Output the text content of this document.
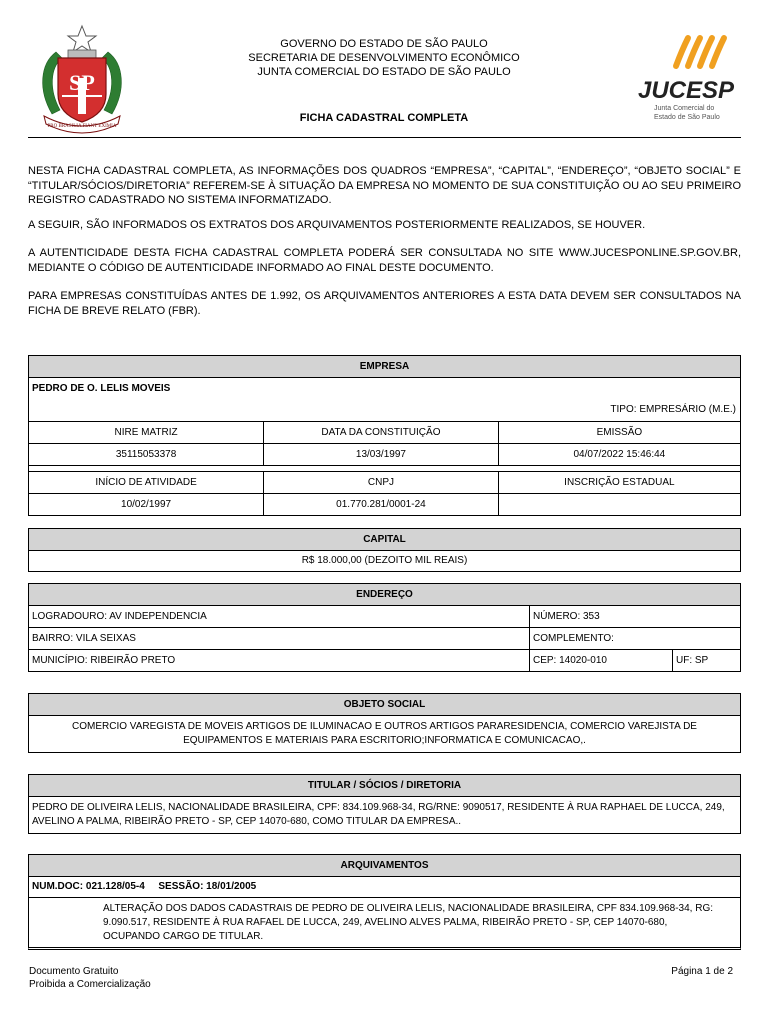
SP
PRO BRASILIA FIANT EXIMIA
GOVERNO DO ESTADO DE SÃO PAULO
SECRETARIA DE DESENVOLVIMENTO ECONÔMICO
JUNTA COMERCIAL DO ESTADO DE SÃO PAULO
FICHA CADASTRAL COMPLETA
JUCESP
Junta Comercial do
Estado de São Paulo

NESTA FICHA CADASTRAL COMPLETA, AS INFORMAÇÕES DOS QUADROS “EMPRESA”, “CAPITAL”, “ENDEREÇO”, “OBJETO SOCIAL” E “TITULAR/SÓCIOS/DIRETORIA” REFEREM-SE À SITUAÇÃO DA EMPRESA NO MOMENTO DE SUA CONSTITUIÇÃO OU AO SEU PRIMEIRO REGISTRO CADASTRADO NO SISTEMA INFORMATIZADO.

A SEGUIR, SÃO INFORMADOS OS EXTRATOS DOS ARQUIVAMENTOS POSTERIORMENTE REALIZADOS, SE HOUVER.

A AUTENTICIDADE DESTA FICHA CADASTRAL COMPLETA PODERÁ SER CONSULTADA NO SITE WWW.JUCESPONLINE.SP.GOV.BR, MEDIANTE O CÓDIGO DE AUTENTICIDADE INFORMADO AO FINAL DESTE DOCUMENTO.

PARA EMPRESAS CONSTITUÍDAS ANTES DE 1.992, OS ARQUIVAMENTOS ANTERIORES A ESTA DATA DEVEM SER CONSULTADOS NA FICHA DE BREVE RELATO (FBR).

EMPRESA
PEDRO DE O. LELIS MOVEIS
TIPO: EMPRESÁRIO (M.E.)
NIRE MATRIZ	DATA DA CONSTITUIÇÃO	EMISSÃO
35115053378	13/03/1997	04/07/2022 15:46:44

INÍCIO DE ATIVIDADE	CNPJ	INSCRIÇÃO ESTADUAL
10/02/1997	01.770.281/0001-24	
CAPITAL
R$ 18.000,00 (DEZOITO MIL REAIS)
ENDEREÇO
LOGRADOURO: AV INDEPENDENCIA	NÚMERO: 353	
BAIRRO: VILA SEIXAS	COMPLEMENTO:	
MUNICÍPIO: RIBEIRÃO PRETO	CEP: 14020-010	UF: SP
OBJETO SOCIAL
COMERCIO VAREGISTA DE MOVEIS ARTIGOS DE ILUMINACAO E OUTROS ARTIGOS PARARESIDENCIA, COMERCIO VAREJISTA DE EQUIPAMENTOS E MATERIAIS PARA ESCRITORIO;INFORMATICA E COMUNICACAO,.
TITULAR / SÓCIOS / DIRETORIA
PEDRO DE OLIVEIRA LELIS, NACIONALIDADE BRASILEIRA, CPF: 834.109.968-34, RG/RNE: 9090517, RESIDENTE À RUA RAPHAEL DE LUCCA, 249, AVELINO A PALMA, RIBEIRÃO PRETO - SP, CEP 14070-680, COMO TITULAR DA EMPRESA..
ARQUIVAMENTOS
NUM.DOC: 021.128/05-4 SESSÃO: 18/01/2005
ALTERAÇÃO DOS DADOS CADASTRAIS DE PEDRO DE OLIVEIRA LELIS, NACIONALIDADE BRASILEIRA, CPF 834.109.968-34, RG: 9.090.517, RESIDENTE À RUA RAFAEL DE LUCCA, 249, AVELINO ALVES PALMA, RIBEIRÃO PRETO - SP, CEP 14070-680, OCUPANDO CARGO DE TITULAR.
Documento Gratuito
Proibida a Comercialização
Página 1 de 2
